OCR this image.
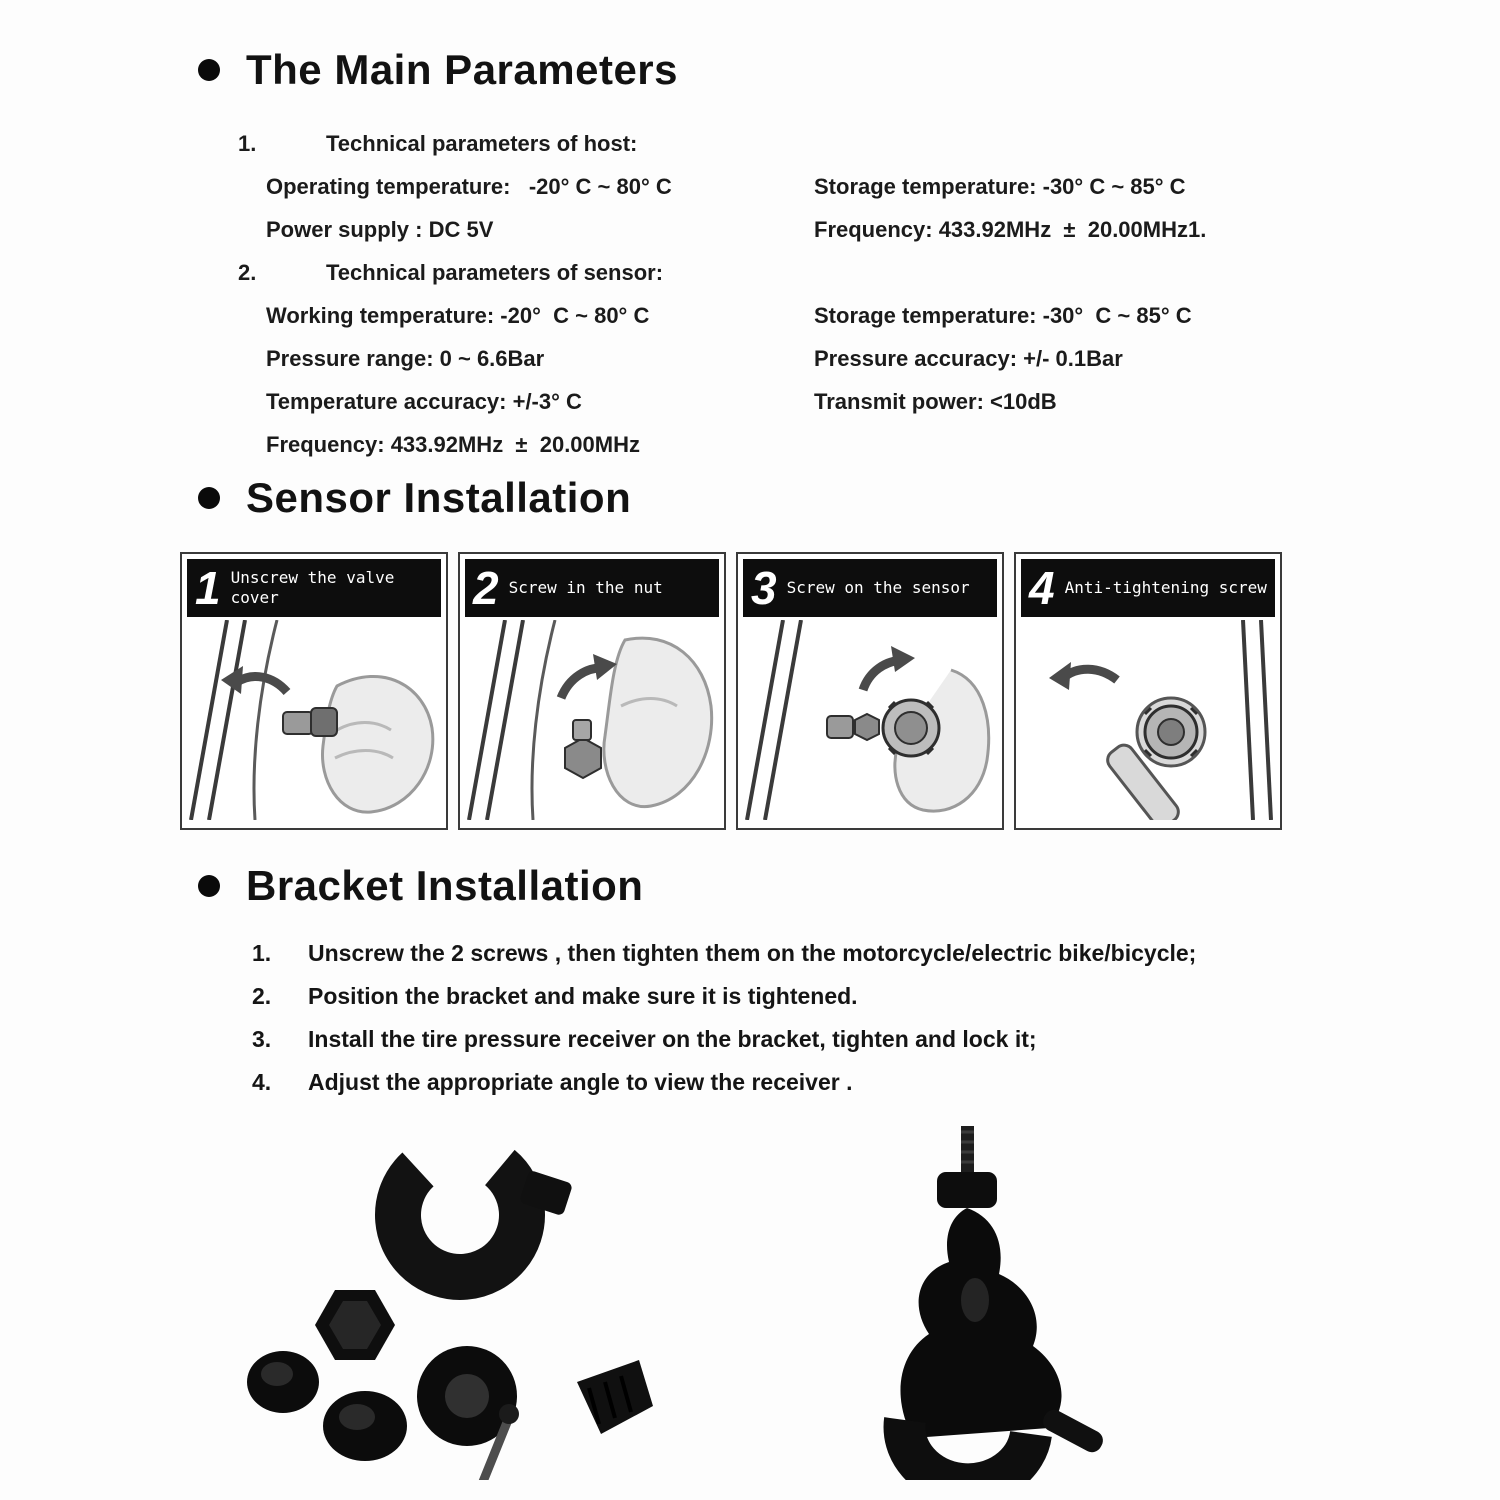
The Main Parameters
1.	Technical parameters of host:
Operating temperature:   -20° C ~ 80° C	Storage temperature: -30° C ~ 85° C
Power supply : DC 5V	Frequency: 433.92MHz  ±  20.00MHz1.
2.	Technical parameters of sensor:
Working temperature: -20°  C ~ 80° C	Storage temperature: -30°  C ~ 85° C
Pressure range: 0 ~ 6.6Bar	Pressure accuracy: +/- 0.1Bar
Temperature accuracy: +/-3° C	Transmit power: <10dB
Frequency: 433.92MHz  ±  20.00MHz
Sensor Installation
1 Unscrew the valve cover	2 Screw in the nut 3 Screw on the sensor 4 Anti-tightening screw
Bracket Installation
1.	Unscrew the 2 screws , then tighten them on the motorcycle/electric bike/bicycle;
2.	Position the bracket and make sure it is tightened.
3.	Install the tire pressure receiver on the bracket, tighten and lock it;
4.	Adjust the appropriate angle to view the receiver .
